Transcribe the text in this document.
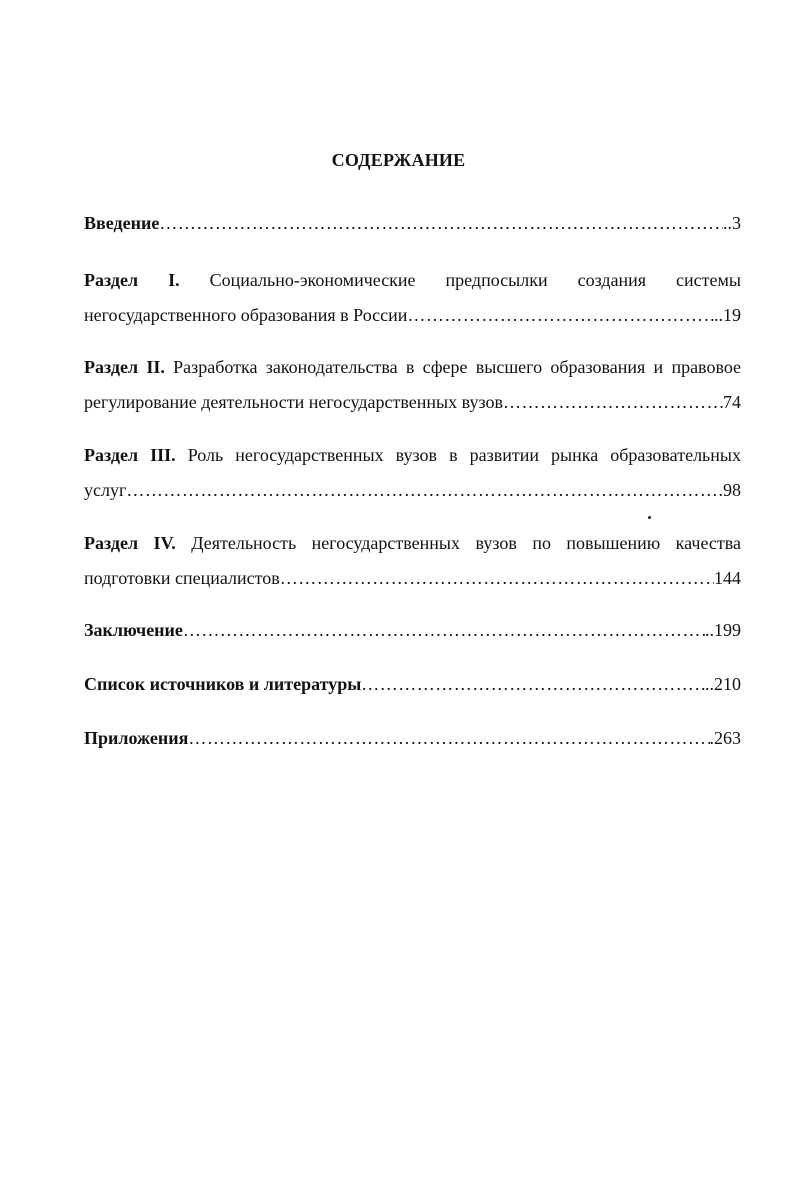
СОДЕРЖАНИЕ
Введение ……………………………………………………………………………………………………………………………………………………………………………………………………………	..3
Раздел I. Социально-экономические предпосылки создания системы
негосударственного образования в России ……………………………………………………………………………………………………………………………………………………………………………………………………………	..19
Раздел II. Разработка законодательства в сфере высшего образования и правовое
регулирование деятельности негосударственных вузов ……………………………………………………………………………………………………………………………………………………………………………………………………………	74
Раздел III. Роль негосударственных вузов в развитии рынка образовательных
услуг ……………………………………………………………………………………………………………………………………………………………………………………………………………	.98
Раздел IV. Деятельность негосударственных вузов по повышению качества
подготовки специалистов ……………………………………………………………………………………………………………………………………………………………………………………………………………	144
Заключение ……………………………………………………………………………………………………………………………………………………………………………………………………………	..199
Список источников и литературы ……………………………………………………………………………………………………………………………………………………………………………………………………………	..210
Приложения ……………………………………………………………………………………………………………………………………………………………………………………………………………	.263
